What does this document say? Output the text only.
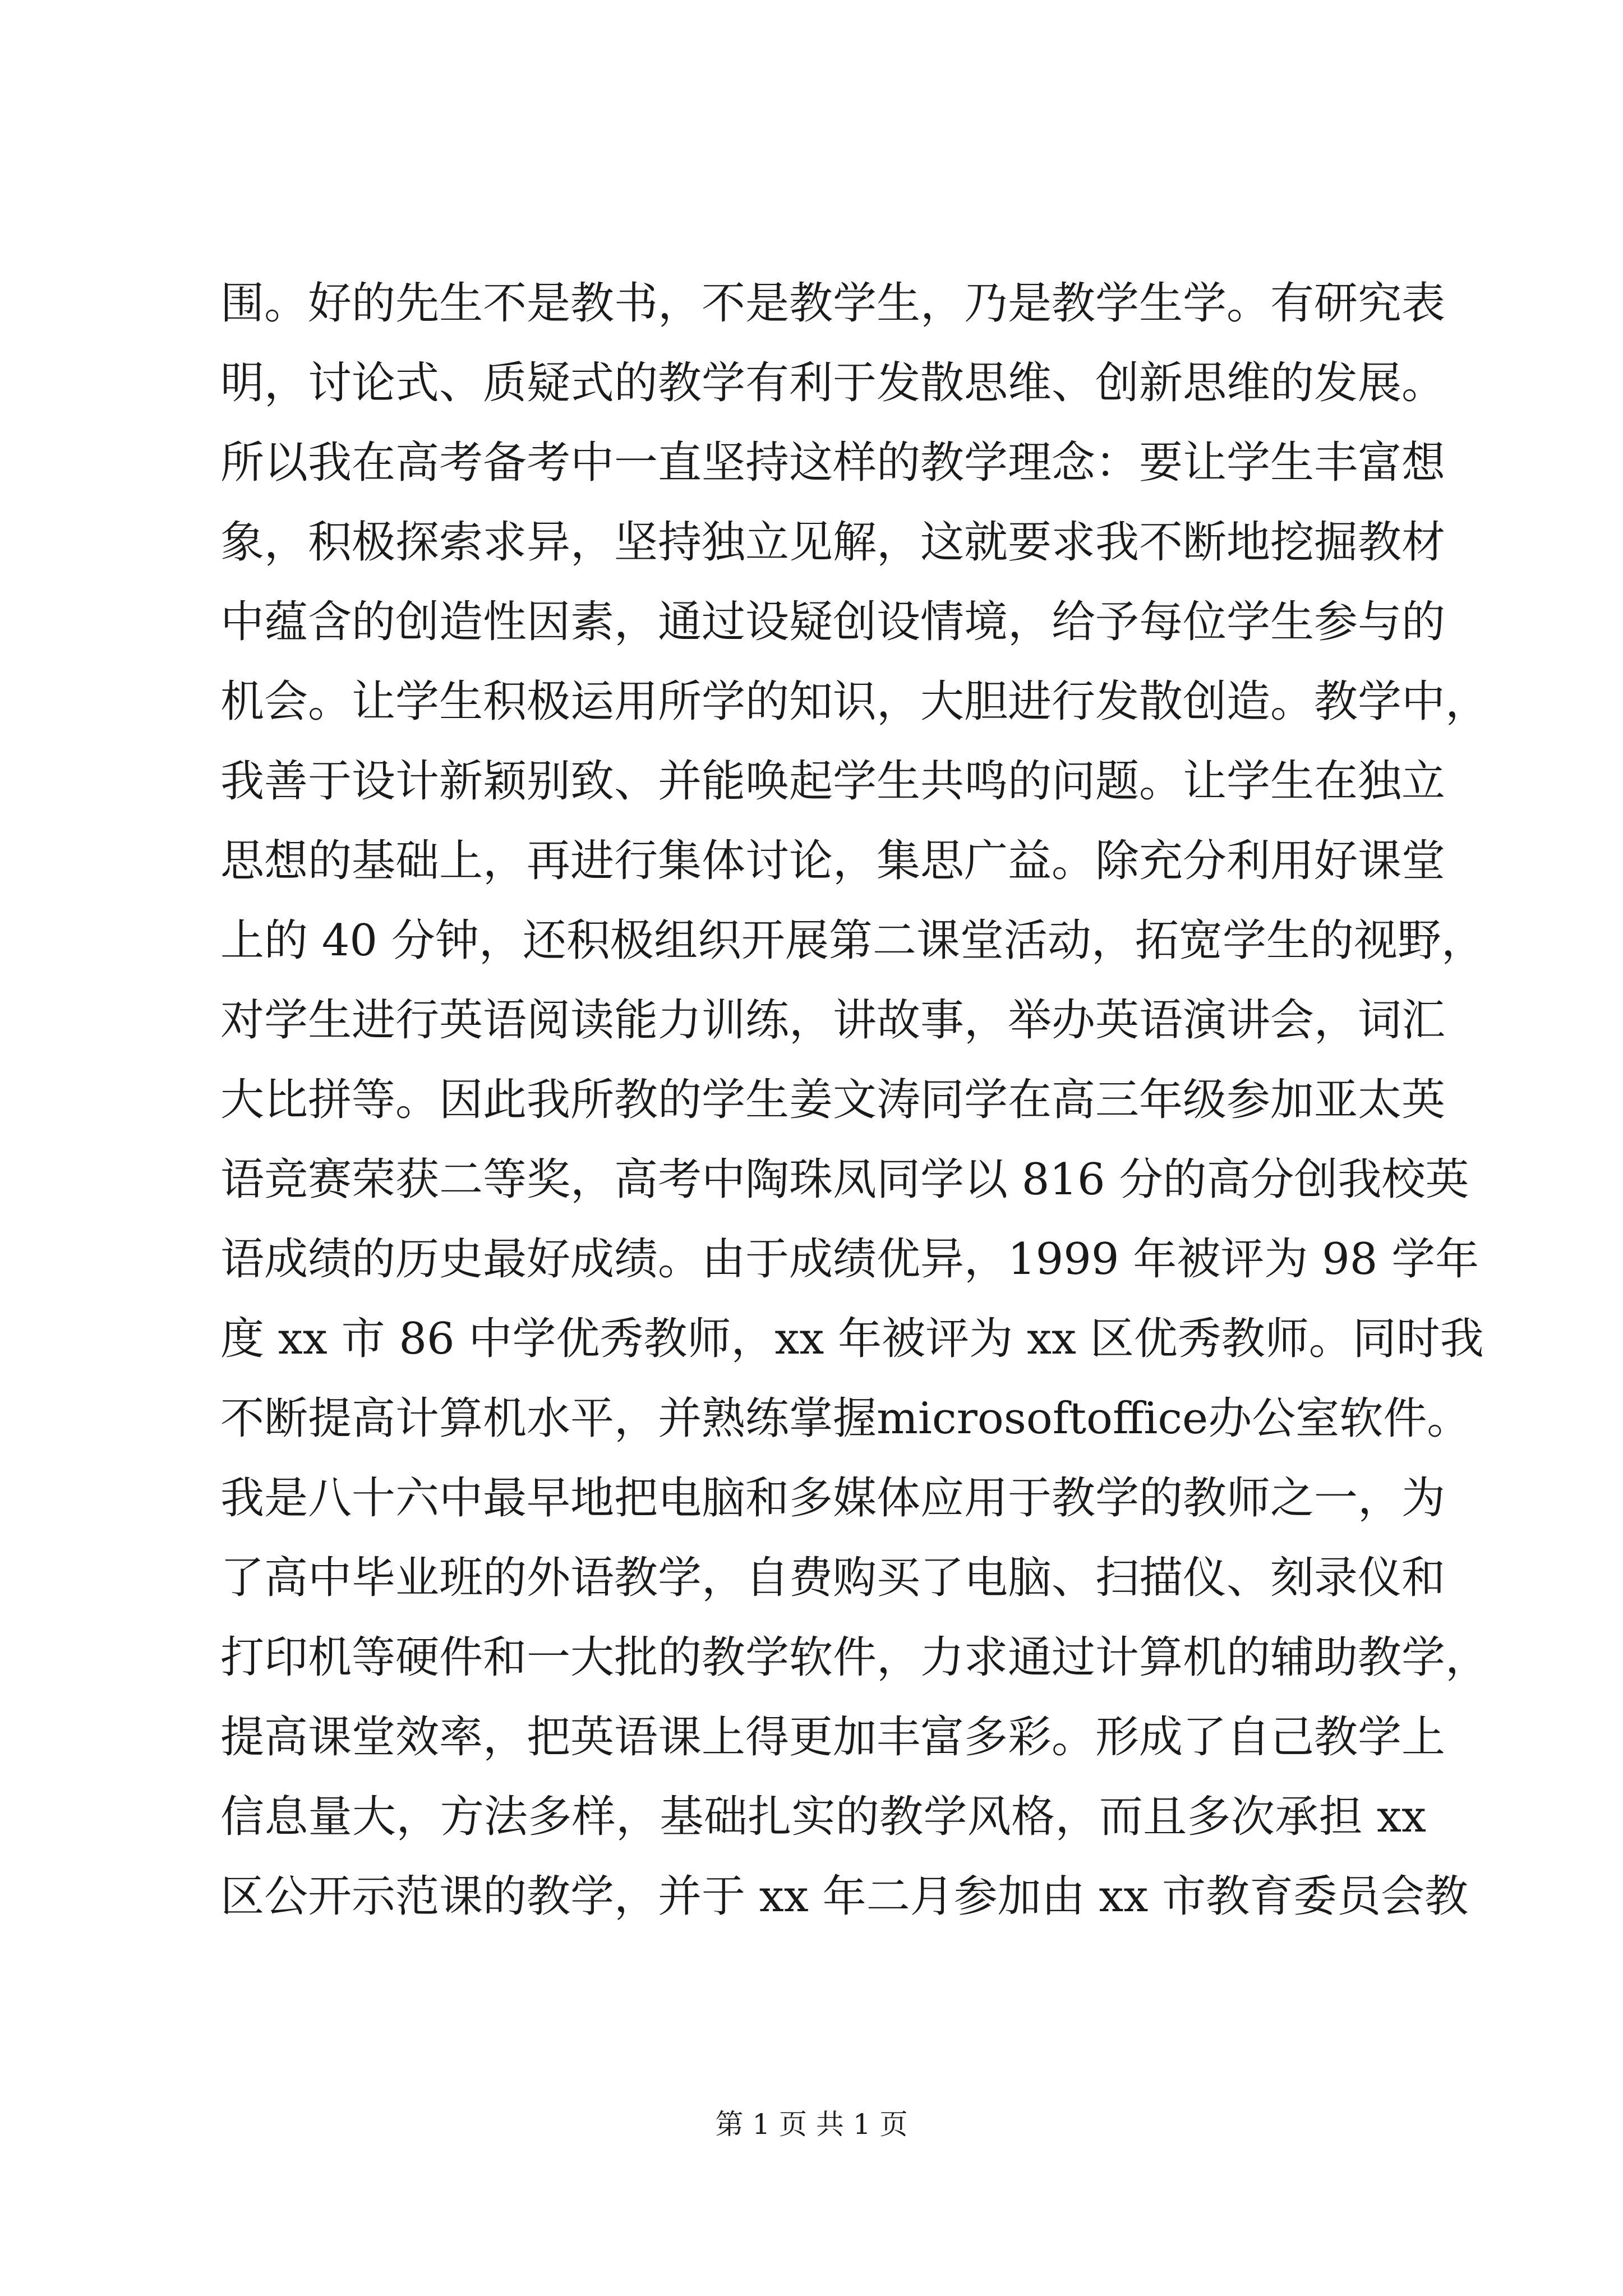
围。好的先生不是教书，不是教学生，乃是教学生学。有研究表
明，讨论式、质疑式的教学有利于发散思维、创新思维的发展。
所以我在高考备考中一直坚持这样的教学理念：要让学生丰富想
象，积极探索求异，坚持独立见解，这就要求我不断地挖掘教材
中蕴含的创造性因素，通过设疑创设情境，给予每位学生参与的
机会。让学生积极运用所学的知识，大胆进行发散创造。教学中，
我善于设计新颖别致、并能唤起学生共鸣的问题。让学生在独立
思想的基础上，再进行集体讨论，集思广益。除充分利用好课堂
上的 40 分钟，还积极组织开展第二课堂活动，拓宽学生的视野，
对学生进行英语阅读能力训练，讲故事，举办英语演讲会，词汇
大比拼等。因此我所教的学生姜文涛同学在高三年级参加亚太英
语竞赛荣获二等奖，高考中陶珠凤同学以 816 分的高分创我校英
语成绩的历史最好成绩。由于成绩优异，1999 年被评为 98 学年
度 xx 市 86 中学优秀教师，xx 年被评为 xx 区优秀教师。同时我
不断提高计算机水平，并熟练掌握microsoftoffice办公室软件。
我是八十六中最早地把电脑和多媒体应用于教学的教师之一，为
了高中毕业班的外语教学，自费购买了电脑、扫描仪、刻录仪和
打印机等硬件和一大批的教学软件，力求通过计算机的辅助教学，
提高课堂效率，把英语课上得更加丰富多彩。形成了自己教学上
信息量大，方法多样，基础扎实的教学风格，而且多次承担 xx
区公开示范课的教学，并于 xx 年二月参加由 xx 市教育委员会教
第 1 页 共 1 页
